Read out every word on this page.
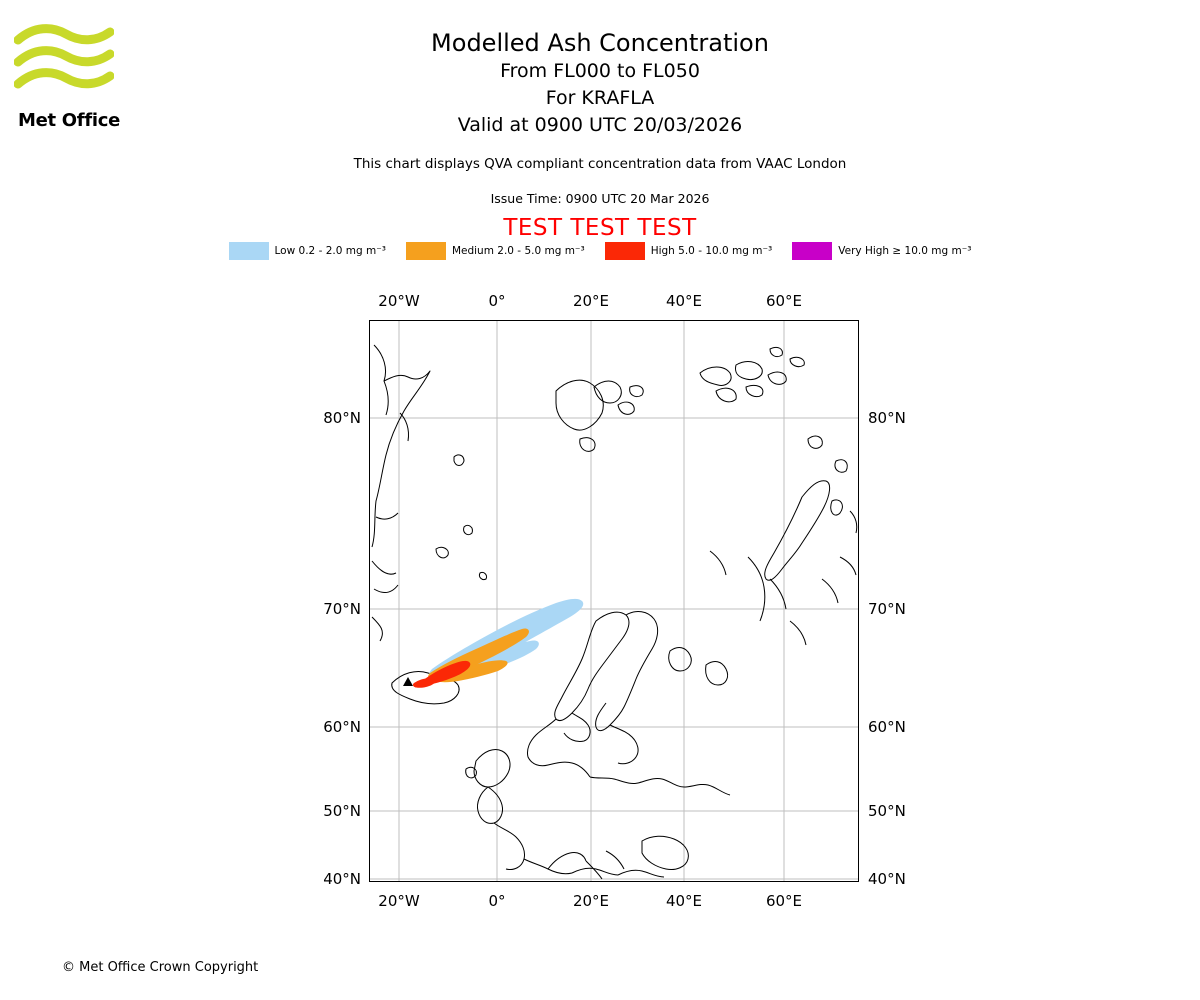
Met Office
Modelled Ash Concentration
From FL000 to FL050
For KRAFLA
Valid at 0900 UTC 20/03/2026
This chart displays QVA compliant concentration data from VAAC London
Issue Time: 0900 UTC 20 Mar 2026
TEST TEST TEST
Low 0.2 - 2.0 mg m⁻³	Medium 2.0 - 5.0 mg m⁻³	High 5.0 - 10.0 mg m⁻³	Very High ≥ 10.0 mg m⁻³
20°W	0°	20°E	40°E	60°E
20°W	0°	20°E	40°E	60°E
80°N
70°N
60°N
50°N
40°N
80°N
70°N
60°N
50°N
40°N
© Met Office Crown Copyright
